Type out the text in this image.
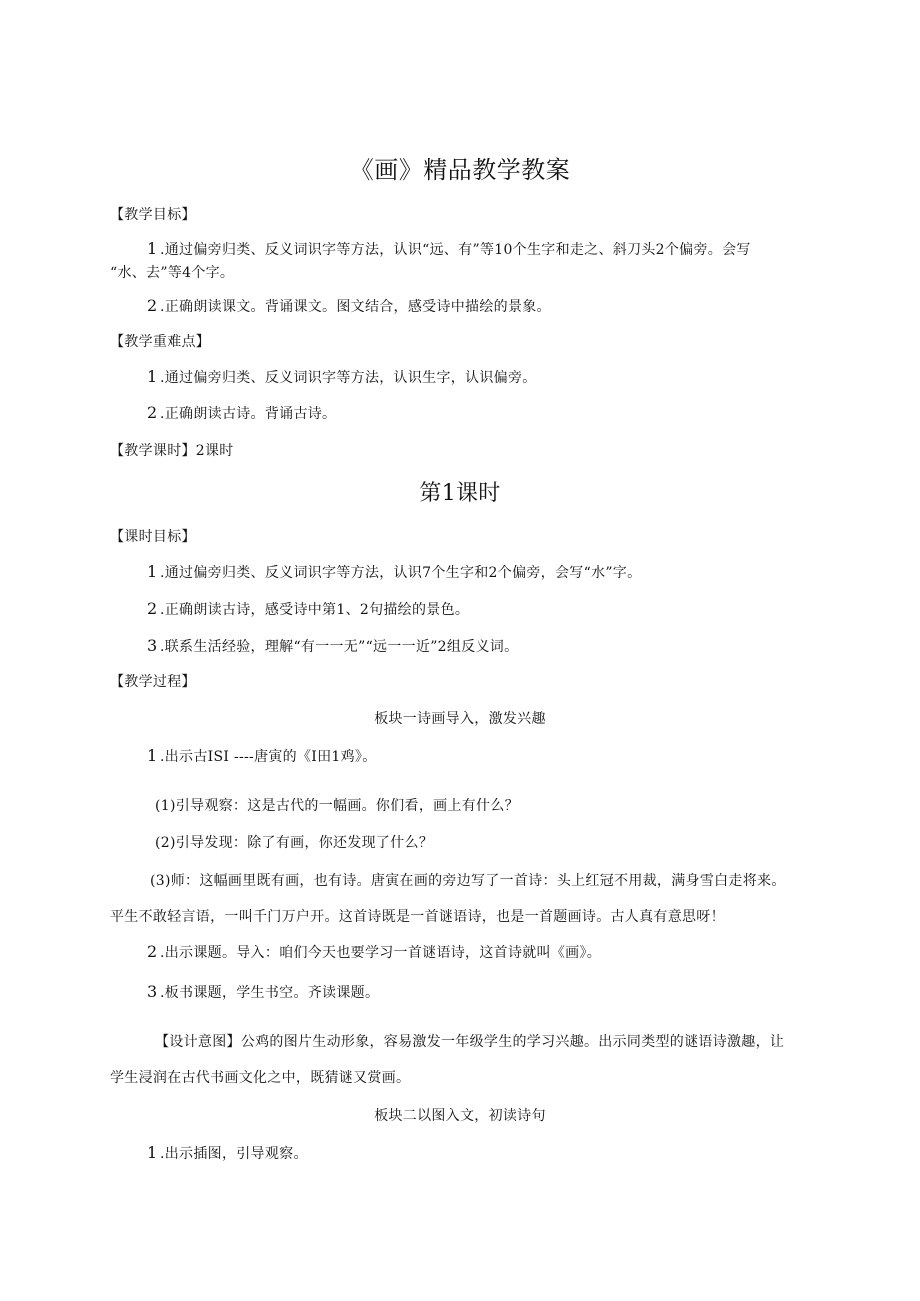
《画》精品教学教案
【教学目标】
1 .通过偏旁归类、反义词识字等方法，认识“远、有”等10个生字和走之、斜刀头2个偏旁。会写
“水、去”等4个字。
2 .正确朗读课文。背诵课文。图文结合，感受诗中描绘的景象。
【教学重难点】
1 .通过偏旁归类、反义词识字等方法，认识生字，认识偏旁。
2 .正确朗读古诗。背诵古诗。
【教学课时】2课时
第1课时
【课时目标】
1 .通过偏旁归类、反义词识字等方法，认识7个生字和2个偏旁，会写“水”字。
2 .正确朗读古诗，感受诗中第1、2句描绘的景色。
3 .联系生活经验，理解“有一一无”“远一一近”2组反义词。
【教学过程】
板块一诗画导入，激发兴趣
1 .出示古ISI ----唐寅的《I田1鸡》。
(1)引导观察：这是古代的一幅画。你们看，画上有什么？
(2)引导发现：除了有画，你还发现了什么？
(3)师：这幅画里既有画，也有诗。唐寅在画的旁边写了一首诗：头上红冠不用裁，满身雪白走将来。
平生不敢轻言语，一叫千门万户开。这首诗既是一首谜语诗，也是一首题画诗。古人真有意思呀！
2 .出示课题。导入：咱们今天也要学习一首谜语诗，这首诗就叫《画》。
3 .板书课题，学生书空。齐读课题。
【设计意图】公鸡的图片生动形象，容易激发一年级学生的学习兴趣。出示同类型的谜语诗激趣，让
学生浸润在古代书画文化之中，既猜谜又赏画。
板块二以图入文，初读诗句
1 .出示插图，引导观察。
